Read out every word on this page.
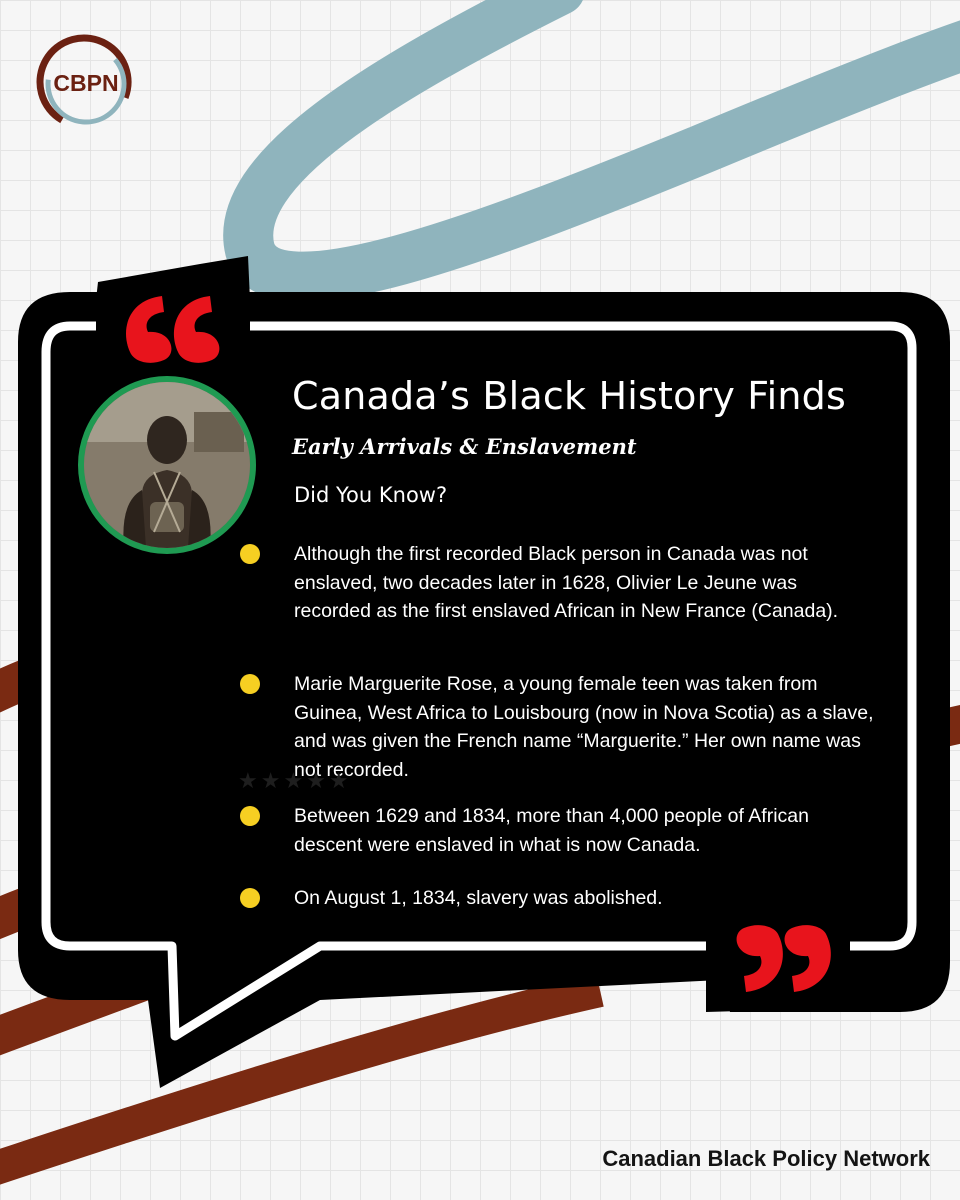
CBPN
Canada’s Black History Finds
Early Arrivals & Enslavement
Did You Know?
Although the first recorded Black person in Canada was not enslaved, two decades later in 1628, Olivier Le Jeune was recorded as the first enslaved African in New France (Canada).
Marie Marguerite Rose, a young female teen was taken from Guinea, West Africa to Louisbourg (now in Nova Scotia) as a slave, and was given the French name “Marguerite.” Her own name was not recorded.
★★★★★
Between 1629 and 1834, more than 4,000 people of African descent were enslaved in what is now Canada.
On August 1, 1834, slavery was abolished.
Canadian Black Policy Network
